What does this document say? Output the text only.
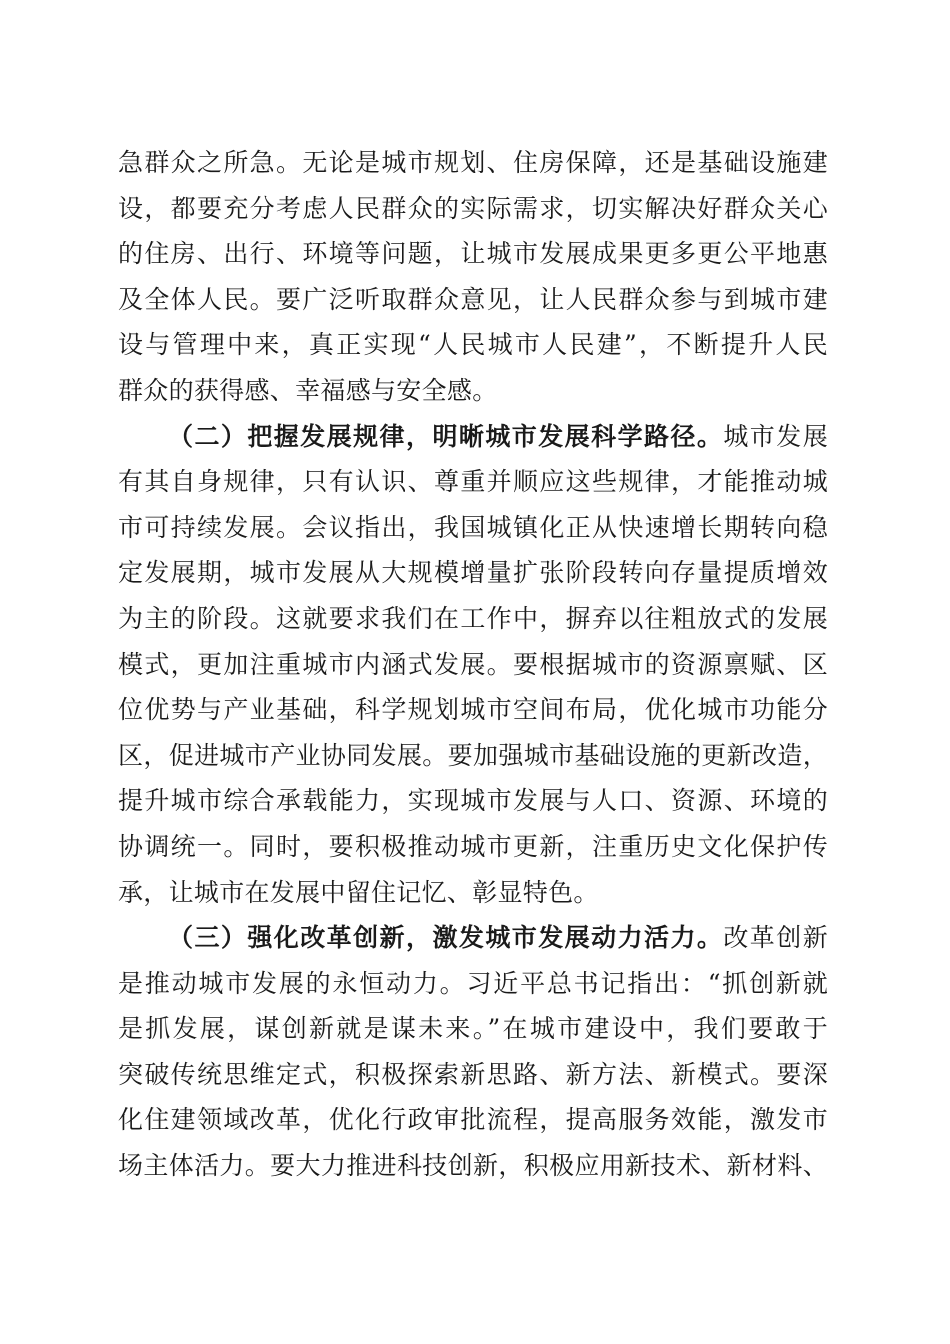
急群众之所急。无论是城市规划、住房保障，还是基础设施建
设，都要充分考虑人民群众的实际需求，切实解决好群众关心
的住房、出行、环境等问题，让城市发展成果更多更公平地惠
及全体人民。要广泛听取群众意见，让人民群众参与到城市建
设与管理中来，真正实现“人民城市人民建”，不断提升人民
群众的获得感、幸福感与安全感。
（二）把握发展规律，明晰城市发展科学路径。城市发展
有其自身规律，只有认识、尊重并顺应这些规律，才能推动城
市可持续发展。会议指出，我国城镇化正从快速增长期转向稳
定发展期，城市发展从大规模增量扩张阶段转向存量提质增效
为主的阶段。这就要求我们在工作中，摒弃以往粗放式的发展
模式，更加注重城市内涵式发展。要根据城市的资源禀赋、区
位优势与产业基础，科学规划城市空间布局，优化城市功能分
区，促进城市产业协同发展。要加强城市基础设施的更新改造，
提升城市综合承载能力，实现城市发展与人口、资源、环境的
协调统一。同时，要积极推动城市更新，注重历史文化保护传
承，让城市在发展中留住记忆、彰显特色。
（三）强化改革创新，激发城市发展动力活力。改革创新
是推动城市发展的永恒动力。习近平总书记指出：“抓创新就
是抓发展，谋创新就是谋未来。”在城市建设中，我们要敢于
突破传统思维定式，积极探索新思路、新方法、新模式。要深
化住建领域改革，优化行政审批流程，提高服务效能，激发市
场主体活力。要大力推进科技创新，积极应用新技术、新材料、
